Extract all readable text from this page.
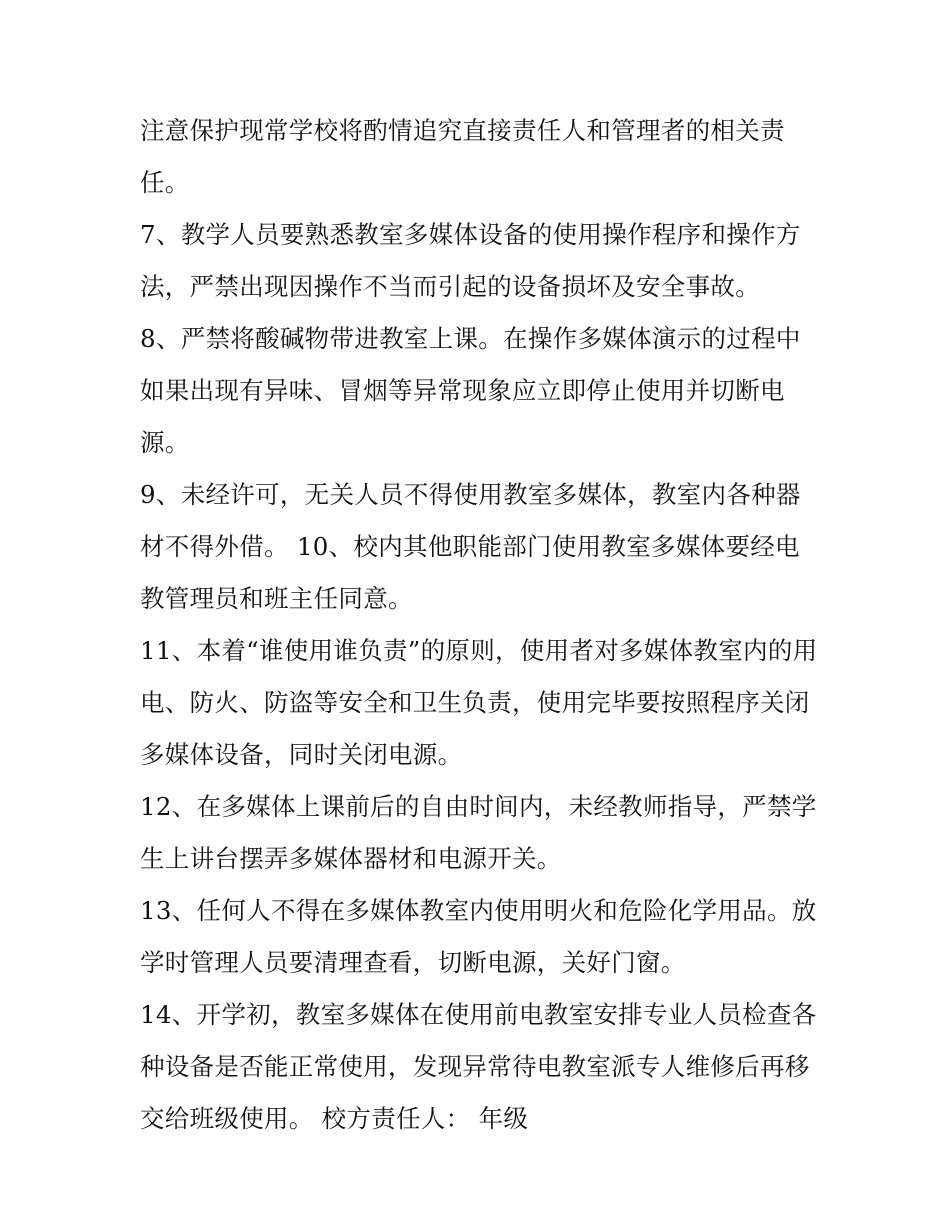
注意保护现常学校将酌情追究直接责任人和管理者的相关责
任。
7、教学人员要熟悉教室多媒体设备的使用操作程序和操作方
法，严禁出现因操作不当而引起的设备损坏及安全事故。
8、严禁将酸碱物带进教室上课。在操作多媒体演示的过程中
如果出现有异味、冒烟等异常现象应立即停止使用并切断电
源。
9、未经许可，无关人员不得使用教室多媒体，教室内各种器
材不得外借。 10、校内其他职能部门使用教室多媒体要经电
教管理员和班主任同意。
11、本着“谁使用谁负责”的原则，使用者对多媒体教室内的用
电、防火、防盗等安全和卫生负责，使用完毕要按照程序关闭
多媒体设备，同时关闭电源。
12、在多媒体上课前后的自由时间内，未经教师指导，严禁学
生上讲台摆弄多媒体器材和电源开关。
13、任何人不得在多媒体教室内使用明火和危险化学用品。放
学时管理人员要清理查看，切断电源，关好门窗。
14、开学初，教室多媒体在使用前电教室安排专业人员检查各
种设备是否能正常使用，发现异常待电教室派专人维修后再移
交给班级使用。 校方责任人： 年级
